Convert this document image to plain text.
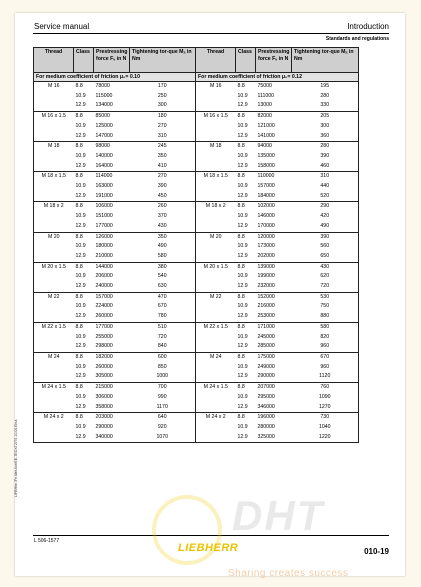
Service manual	Introduction
Standards and regulations
LIPBHhe./Fe.ldes.toerEE-TEOXTZITS 10.00.Ema
Thread	Class	Prestressing force Fᵥ in N	Tightening tor-que Mₐ in Nm	Thread	Class	Prestressing force Fᵥ in N	Tightening tor-que Mₐ in Nm
For medium coefficient of friction μ₀= 0.10				For medium coefficient of friction μ₀= 0.12			
M 16	8.8	78000	170	M 16	8.8	75000	195
	10.9	115000	250		10.9	111000	280
	12.9	134000	300		12.9	13000	330
M 16 x 1.5	8.8	85000	180	M 16 x 1.5	8.8	82000	205
	10.9	125000	270		10.9	121000	300
	12.9	147000	310		12.9	141000	360
M 18	8.8	98000	245	M 18	8.8	94000	280
	10.9	140000	350		10.9	135000	390
	12.9	164000	410		12.9	158000	460
M 18 x 1.5	8.8	114000	270	M 18 x 1.5	8.8	110000	310
	10.9	163000	390		10.9	157000	440
	12.9	191000	450		12.9	184000	520
M 18 x 2	8.8	106000	260	M 18 x 2	8.8	102000	290
	10.9	151000	370		10.9	146000	420
	12.9	177000	430		12.9	170000	490
M 20	8.8	126000	350	M 20	8.8	120000	390
	10.9	180000	490		10.9	173000	560
	12.9	210000	580		12.9	202000	650
M 20 x 1.5	8.8	144000	380	M 20 x 1.5	8.8	139000	430
	10.9	206000	540		10.9	199000	620
	12.9	240000	630		12.9	232000	720
M 22	8.8	157000	470	M 22	8.8	152000	530
	10.9	224000	670		10.9	216000	750
	12.9	260000	780		12.9	253000	880
M 22 x 1.5	8.8	177000	510	M 22 x 1.5	8.8	171000	580
	10.9	255000	720		10.9	245000	820
	12.9	298000	840		12.9	285000	960
M 24	8.8	182000	600	M 24	8.8	175000	670
	10.9	260000	850		10.9	249000	960
	12.9	305000	1000		12.9	290000	1120
M 24 x 1.5	8.8	215000	700	M 24 x 1.5	8.8	207000	760
	10.9	306000	990		10.9	295000	1090
	12.9	358000	1170		12.9	346000	1270
M 24 x 2	8.8	203000	640	M 24 x 2	8.8	196000	730
	10.9	290000	920		10.9	280000	1040
	12.9	340000	1070		12.9	325000	1220
L 506-1577
LIEBHERR	010-19
DHT
Sharing creates success
